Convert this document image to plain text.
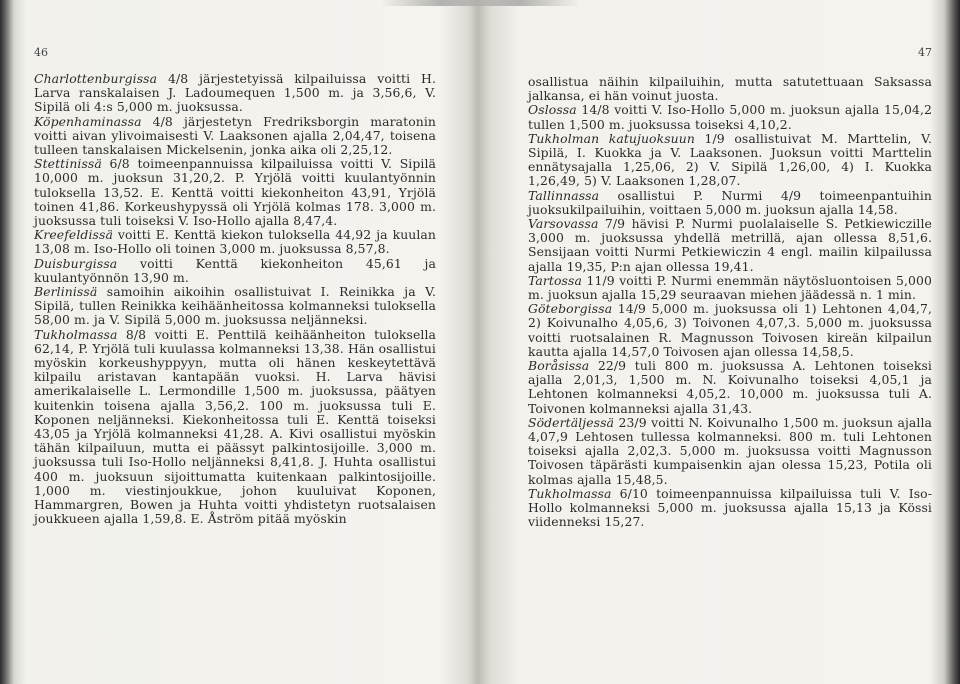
46

Charlottenburgissa 4/8 järjestetyissä kilpailuissa voitti H. Larva ranskalaisen J. Ladoumequen 1,500 m. ja 3,56,6, V. Sipilä oli 4:s 5,000 m. juoksussa.

Köpenhaminassa 4/8 järjestetyn Fredriksborgin maratonin voitti aivan ylivoimaisesti V. Laaksonen ajalla 2,04,47, toisena tulleen tanskalaisen Mickelsenin, jonka aika oli 2,25,12.

Stettinissä 6/8 toimeenpannuissa kilpailuissa voitti V. Sipilä 10,000 m. juoksun 31,20,2. P. Yrjölä voitti kuulantyönnin tuloksella 13,52. E. Kenttä voitti kiekonheiton 43,91, Yrjölä toinen 41,86. Korkeushypyssä oli Yrjölä kolmas 178. 3,000 m. juoksussa tuli toiseksi V. Iso-Hollo ajalla 8,47,4.

Kreefeldissä voitti E. Kenttä kiekon tuloksella 44,92 ja kuulan 13,08 m. Iso-Hollo oli toinen 3,000 m. juoksussa 8,57,8.

Duisburgissa voitti Kenttä kiekonheiton 45,61 ja kuulantyönnön 13,90 m.

Berlinissä samoihin aikoihin osallistuivat I. Reinikka ja V. Sipilä, tullen Reinikka keihäänheitossa kolmanneksi tuloksella 58,00 m. ja V. Sipilä 5,000 m. juoksussa neljänneksi.

Tukholmassa 8/8 voitti E. Penttilä keihäänheiton tuloksella 62,14, P. Yrjölä tuli kuulassa kolmanneksi 13,38. Hän osallistui myöskin korkeushyppyyn, mutta oli hänen keskeytettävä kilpailu aristavan kantapään vuoksi. H. Larva hävisi amerikalaiselle L. Lermondille 1,500 m. juoksussa, päätyen kuitenkin toisena ajalla 3,56,2. 100 m. juoksussa tuli E. Koponen neljänneksi. Kiekonheitossa tuli E. Kenttä toiseksi 43,05 ja Yrjölä kolmanneksi 41,28. A. Kivi osallistui myöskin tähän kilpailuun, mutta ei päässyt palkintosijoille. 3,000 m. juoksussa tuli Iso-Hollo neljänneksi 8,41,8. J. Huhta osallistui 400 m. juoksuun sijoittumatta kuitenkaan palkintosijoille. 1,000 m. viestinjoukkue, johon kuuluivat Koponen, Hammargren, Bowen ja Huhta voitti yhdistetyn ruotsalaisen joukkueen ajalla 1,59,8. E. Åström pitää myöskin

47

osallistua näihin kilpailuihin, mutta satutettuaan Saksassa jalkansa, ei hän voinut juosta.

Oslossa 14/8 voitti V. Iso-Hollo 5,000 m. juoksun ajalla 15,04,2 tullen 1,500 m. juoksussa toiseksi 4,10,2.

Tukholman katujuoksuun 1/9 osallistuivat M. Marttelin, V. Sipilä, I. Kuokka ja V. Laaksonen. Juoksun voitti Marttelin ennätysajalla 1,25,06, 2) V. Sipilä 1,26,00, 4) I. Kuokka 1,26,49, 5) V. Laaksonen 1,28,07.

Tallinnassa osallistui P. Nurmi 4/9 toimeenpantuihin juoksukilpailuihin, voittaen 5,000 m. juoksun ajalla 14,58.

Varsovassa 7/9 hävisi P. Nurmi puolalaiselle S. Petkiewiczille 3,000 m. juoksussa yhdellä metrillä, ajan ollessa 8,51,6. Sensijaan voitti Nurmi Petkiewiczin 4 engl. mailin kilpailussa ajalla 19,35, P:n ajan ollessa 19,41.

Tartossa 11/9 voitti P. Nurmi enemmän näytösluontoisen 5,000 m. juoksun ajalla 15,29 seuraavan miehen jäädessä n. 1 min.

Göteborgissa 14/9 5,000 m. juoksussa oli 1) Lehtonen 4,04,7, 2) Koivunalho 4,05,6, 3) Toivonen 4,07,3. 5,000 m. juoksussa voitti ruotsalainen R. Magnusson Toivosen kireän kilpailun kautta ajalla 14,57,0 Toivosen ajan ollessa 14,58,5.

Boråsissa 22/9 tuli 800 m. juoksussa A. Lehtonen toiseksi ajalla 2,01,3, 1,500 m. N. Koivunalho toiseksi 4,05,1 ja Lehtonen kolmanneksi 4,05,2. 10,000 m. juoksussa tuli A. Toivonen kolmanneksi ajalla 31,43.

Södertäljessä 23/9 voitti N. Koivunalho 1,500 m. juoksun ajalla 4,07,9 Lehtosen tullessa kolmanneksi. 800 m. tuli Lehtonen toiseksi ajalla 2,02,3. 5,000 m. juoksussa voitti Magnusson Toivosen täpärästi kumpaisenkin ajan olessa 15,23, Potila oli kolmas ajalla 15,48,5.

Tukholmassa 6/10 toimeenpannuissa kilpailuissa tuli V. Iso-Hollo kolmanneksi 5,000 m. juoksussa ajalla 15,13 ja Kössi viidenneksi 15,27.
